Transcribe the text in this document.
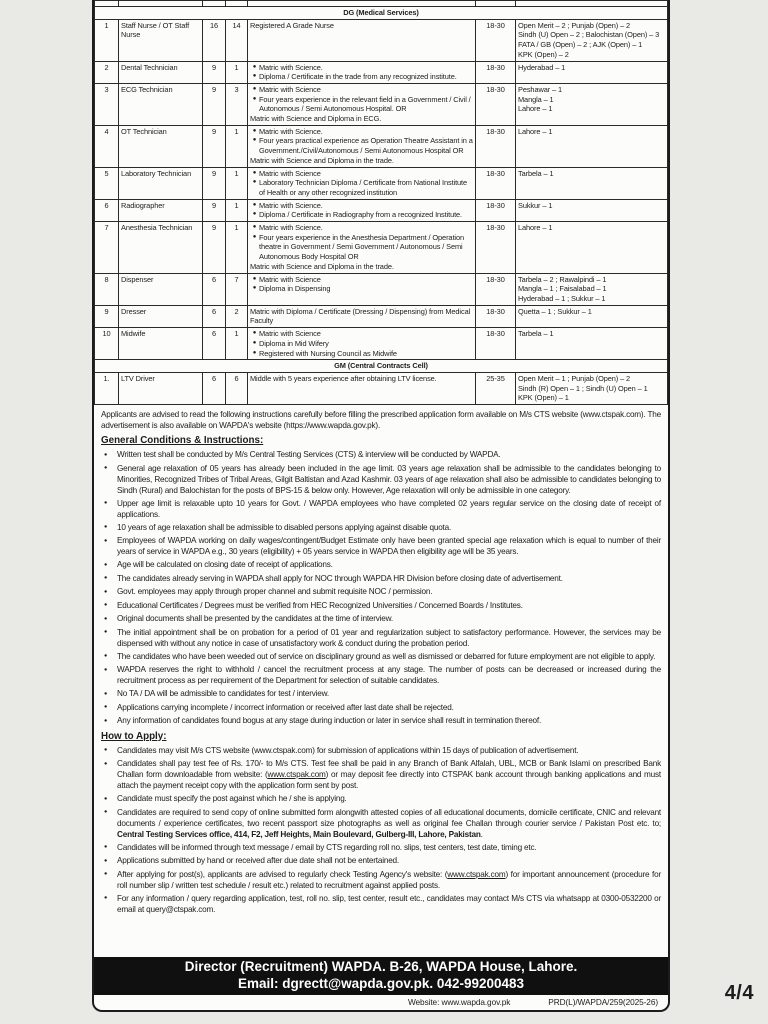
DG (Medical Services)						
1	Staff Nurse / OT Staff Nurse	16	14	Registered A Grade Nurse	18-30	Open Merit – 2 ; Punjab (Open) – 2
Sindh (U) Open – 2 ; Balochistan (Open) – 3
FATA / GB (Open) – 2 ; AJK (Open) – 1
KPK (Open) – 2

2	Dental Technician	9	1	● Matric with Science.
● Diploma / Certificate in the trade from any recognized institute.	18-30	Hyderabad – 1

3	ECG Technician	9	3	● Matric with Science
● Four years experience in the relevant field in a Government / Civil / Autonomous / Semi Autonomous Hospital. OR
Matric with Science and Diploma in ECG.
	18-30	Peshawar – 1
Mangla – 1
Lahore – 1

4	OT Technician	9	1	● Matric with Science.
● Four years practical experience as Operation Theatre Assistant in a Government./Civil/Autonomous / Semi Autonomous Hospital OR
Matric with Science and Diploma in the trade.	18-30	Lahore – 1

5	Laboratory Technician	9	1	● Matric with Science
● Laboratory Technician Diploma / Certificate from National Institute of Health or any other recognized institution	18-30	Tarbela – 1

6	Radiographer	9	1	● Matric with Science.
● Diploma / Certificate in Radiography from a recognized Institute.	18-30	Sukkur – 1

7	Anesthesia Technician	9	1	● Matric with Science.
● Four years experience in the Anesthesia Department / Operation theatre in Government / Semi Government / Autonomous / Semi Autonomous Body Hospital OR
Matric with Science and Diploma in the trade.	18-30	Lahore – 1

8	Dispenser	6	7	● Matric with Science
● Diploma in Dispensing
	18-30	Tarbela – 2 ; Rawalpindi – 1
Mangla – 1 ; Faisalabad – 1
Hyderabad – 1 ; Sukkur – 1

9	Dresser	6	2	Matric with Diploma / Certificate (Dressing / Dispensing) from Medical Faculty	18-30	Quetta – 1 ; Sukkur – 1

10	Midwife	6	1	● Matric with Science
● Diploma in Mid Wifery
● Registered with Nursing Council as Midwife
	18-30	Tarbela – 1

GM (Central Contracts Cell)						
1.	LTV Driver	6	6	Middle with 5 years experience after obtaining LTV license.	25-35	Open Merit – 1 ; Punjab (Open) – 2
Sindh (R) Open – 1 ; Sindh (U) Open – 1
KPK (Open) – 1
Applicants are advised to read the following instructions carefully before filling the prescribed application form available on M/s CTS website (www.ctspak.com). The advertisement is also available on WAPDA's website (https://www.wapda.gov.pk).
General Conditions & Instructions:
●	Written test shall be conducted by M/s Central Testing Services (CTS) & interview will be conducted by WAPDA.
●	General age relaxation of 05 years has already been included in the age limit. 03 years age relaxation shall be admissible to the candidates belonging to Minorities, Recognized Tribes of Tribal Areas, Gilgit Baltistan and Azad Kashmir. 03 years of age relaxation shall also be admissible to candidates belonging to Sindh (Rural) and Balochistan for the posts of BPS-15 & below only. However, Age relaxation will only be admissible in one category.
●	Upper age limit is relaxable upto 10 years for Govt. / WAPDA employees who have completed 02 years regular service on the closing date of receipt of applications.
●	10 years of age relaxation shall be admissible to disabled persons applying against disable quota.
●	Employees of WAPDA working on daily wages/contingent/Budget Estimate only have been granted special age relaxation which is equal to number of their years of service in WAPDA e.g., 30 years (eligibility) + 05 years service in WAPDA then eligibility age will be 35 years.
●	Age will be calculated on closing date of receipt of applications.
●	The candidates already serving in WAPDA shall apply for NOC through WAPDA HR Division before closing date of advertisement.
●	Govt. employees may apply through proper channel and submit requisite NOC / permission.
●	Educational Certificates / Degrees must be verified from HEC Recognized Universities / Concerned Boards / Institutes.
●	Original documents shall be presented by the candidates at the time of interview.
●	The initial appointment shall be on probation for a period of 01 year and regularization subject to satisfactory performance. However, the services may be dispensed with without any notice in case of unsatisfactory work & conduct during the probation period.
●	The candidates who have been weeded out of service on disciplinary ground as well as dismissed or debarred for future employment are not eligible to apply.
●	WAPDA reserves the right to withhold / cancel the recruitment process at any stage. The number of posts can be decreased or increased during the recruitment process as per requirement of the Department for selection of suitable candidates.
●	No TA / DA will be admissible to candidates for test / interview.
●	Applications carrying incomplete / incorrect information or received after last date shall be rejected.
●	Any information of candidates found bogus at any stage during induction or later in service shall result in termination thereof.
How to Apply:
●	Candidates may visit M/s CTS website (www.ctspak.com) for submission of applications within 15 days of publication of advertisement.
●	Candidates shall pay test fee of Rs. 170/- to M/s CTS. Test fee shall be paid in any Branch of Bank Alfalah, UBL, MCB or Bank Islami on prescribed Bank Challan form downloadable from website: (www.ctspak.com) or may deposit fee directly into CTSPAK bank account through banking applications and must attach the payment receipt copy with the application form sent by post.
●	Candidate must specify the post against which he / she is applying.
●	Candidates are required to send copy of online submitted form alongwith attested copies of all educational documents, domicile certificate, CNIC and relevant documents / experience certificates, two recent passport size photographs as well as original fee Challan through courier service / Pakistan Post etc. to; Central Testing Services office, 414, F2, Jeff Heights, Main Boulevard, Gulberg-III, Lahore, Pakistan.
●	Candidates will be informed through text message / email by CTS regarding roll no. slips, test centers, test date, timing etc.
●	Applications submitted by hand or received after due date shall not be entertained.
●	After applying for post(s), applicants are advised to regularly check Testing Agency's website: (www.ctspak.com) for important announcement (procedure for roll number slip / written test schedule / result etc.) related to recruitment against applied posts.
●	For any information / query regarding application, test, roll no. slip, test center, result etc., candidates may contact M/s CTS via whatsapp at 0300-0532200 or email at query@ctspak.com.
Director (Recruitment) WAPDA. B-26, WAPDA House, Lahore.
Email: dgrectt@wapda.gov.pk. 042-99200483
Website: www.wapda.gov.pk	PRD(L)/WAPDA/259(2025-26)	4/4
